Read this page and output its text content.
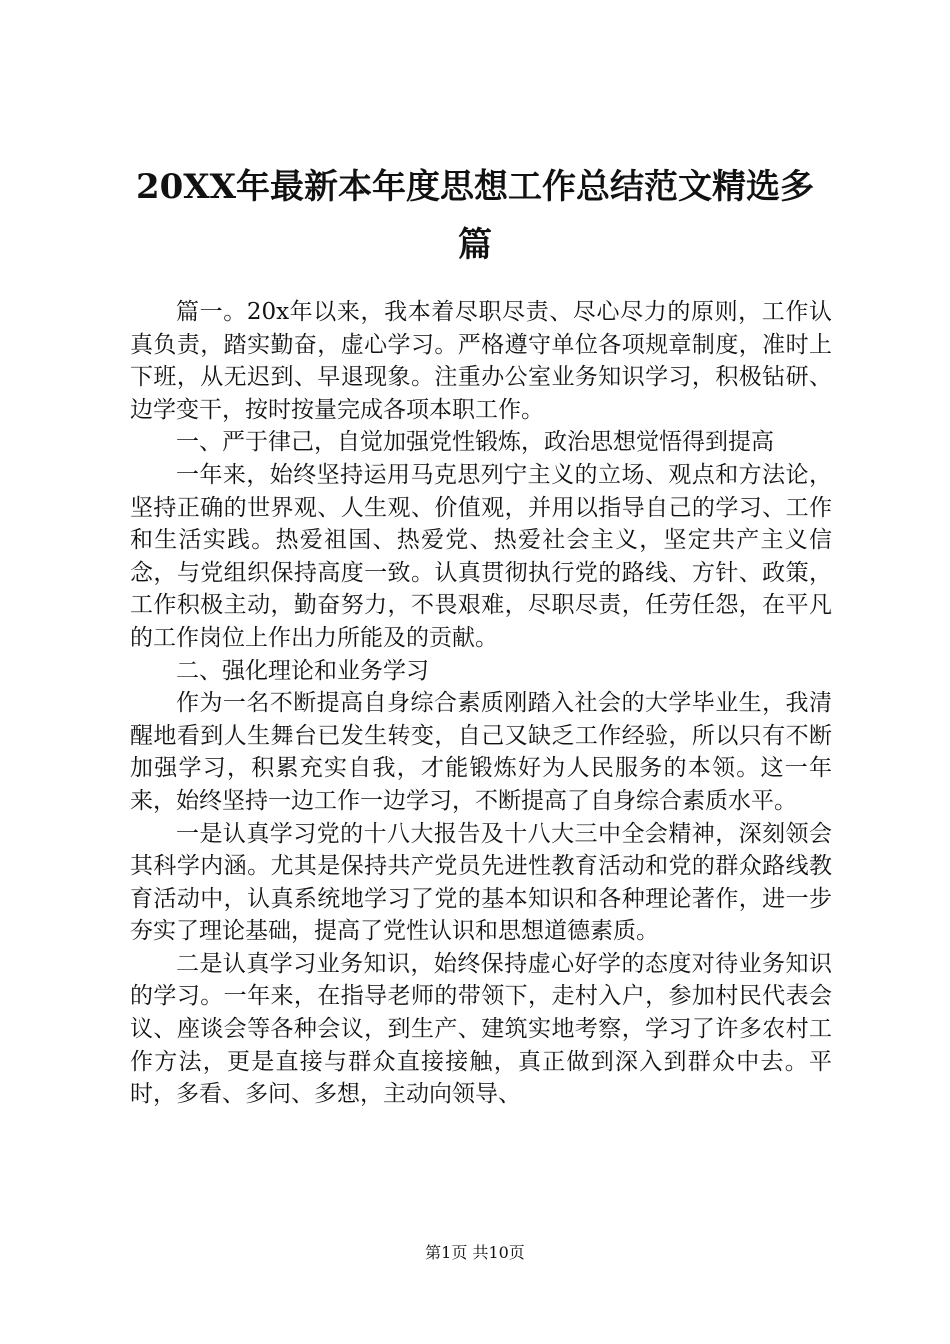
20XX年最新本年度思想工作总结范文精选多篇

篇一。20x年以来，我本着尽职尽责、尽心尽力的原则，工作认真负责，踏实勤奋，虚心学习。严格遵守单位各项规章制度，准时上下班，从无迟到、早退现象。注重办公室业务知识学习，积极钻研、边学变干，按时按量完成各项本职工作。

一、严于律己，自觉加强党性锻炼，政治思想觉悟得到提高

一年来，始终坚持运用马克思列宁主义的立场、观点和方法论，坚持正确的世界观、人生观、价值观，并用以指导自己的学习、工作和生活实践。热爱祖国、热爱党、热爱社会主义，坚定共产主义信念，与党组织保持高度一致。认真贯彻执行党的路线、方针、政策，工作积极主动，勤奋努力，不畏艰难，尽职尽责，任劳任怨，在平凡的工作岗位上作出力所能及的贡献。

二、强化理论和业务学习

作为一名不断提高自身综合素质刚踏入社会的大学毕业生，我清醒地看到人生舞台已发生转变，自己又缺乏工作经验，所以只有不断加强学习，积累充实自我，才能锻炼好为人民服务的本领。这一年来，始终坚持一边工作一边学习，不断提高了自身综合素质水平。

一是认真学习党的十八大报告及十八大三中全会精神，深刻领会其科学内涵。尤其是保持共产党员先进性教育活动和党的群众路线教育活动中，认真系统地学习了党的基本知识和各种理论著作，进一步夯实了理论基础，提高了党性认识和思想道德素质。

二是认真学习业务知识，始终保持虚心好学的态度对待业务知识的学习。一年来，在指导老师的带领下，走村入户，参加村民代表会议、座谈会等各种会议，到生产、建筑实地考察，学习了许多农村工作方法，更是直接与群众直接接触，真正做到深入到群众中去。平时，多看、多问、多想，主动向领导、

第1页 共10页
